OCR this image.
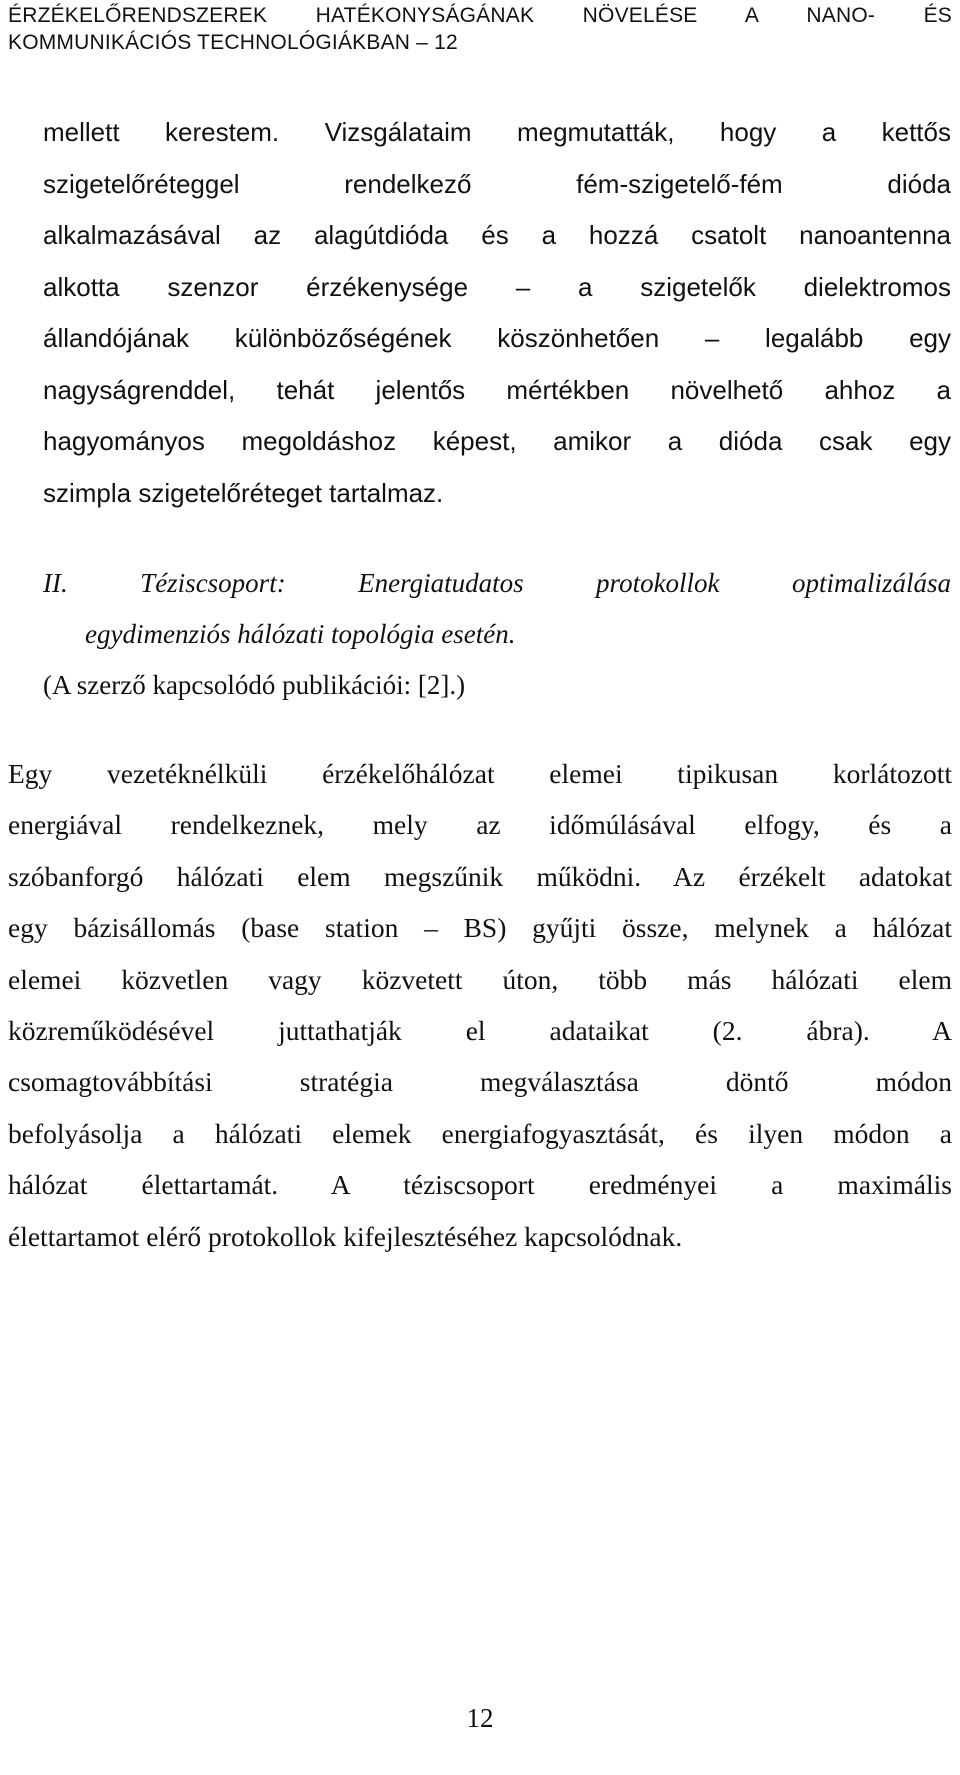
ÉRZÉKELŐRENDSZEREK HATÉKONYSÁGÁNAK NÖVELÉSE A NANO- ÉS
KOMMUNIKÁCIÓS TECHNOLÓGIÁKBAN – 12
mellett kerestem. Vizsgálataim megmutatták, hogy a kettős
szigetelőréteggel rendelkező fém-szigetelő-fém dióda
alkalmazásával az alagútdióda és a hozzá csatolt nanoantenna
alkotta szenzor érzékenysége – a szigetelők dielektromos
állandójának különbözőségének köszönhetően – legalább egy
nagyságrenddel, tehát jelentős mértékben növelhető ahhoz a
hagyományos megoldáshoz képest, amikor a dióda csak egy
szimpla szigetelőréteget tartalmaz.
II. Téziscsoport: Energiatudatos protokollok optimalizálása
egydimenziós hálózati topológia esetén.
(A szerző kapcsolódó publikációi: [2].)
Egy vezetéknélküli érzékelőhálózat elemei tipikusan korlátozott
energiával rendelkeznek, mely az időmúlásával elfogy, és a
szóbanforgó hálózati elem megszűnik működni. Az érzékelt adatokat
egy bázisállomás (base station – BS) gyűjti össze, melynek a hálózat
elemei közvetlen vagy közvetett úton, több más hálózati elem
közreműködésével juttathatják el adataikat (2. ábra). A
csomagtovábbítási stratégia megválasztása döntő módon
befolyásolja a hálózati elemek energiafogyasztását, és ilyen módon a
hálózat élettartamát. A téziscsoport eredményei a maximális
élettartamot elérő protokollok kifejlesztéséhez kapcsolódnak.
12
